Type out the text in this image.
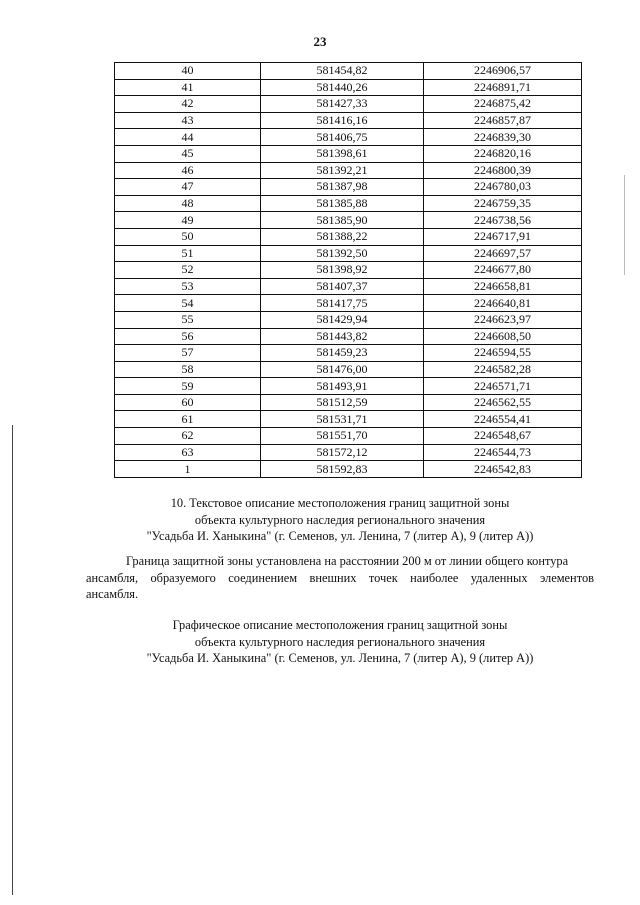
23
40	581454,82	2246906,57
41	581440,26	2246891,71
42	581427,33	2246875,42
43	581416,16	2246857,87
44	581406,75	2246839,30
45	581398,61	2246820,16
46	581392,21	2246800,39
47	581387,98	2246780,03
48	581385,88	2246759,35
49	581385,90	2246738,56
50	581388,22	2246717,91
51	581392,50	2246697,57
52	581398,92	2246677,80
53	581407,37	2246658,81
54	581417,75	2246640,81
55	581429,94	2246623,97
56	581443,82	2246608,50
57	581459,23	2246594,55
58	581476,00	2246582,28
59	581493,91	2246571,71
60	581512,59	2246562,55
61	581531,71	2246554,41
62	581551,70	2246548,67
63	581572,12	2246544,73
1	581592,83	2246542,83
10. Текстовое описание местоположения границ защитной зоны
объекта культурного наследия регионального значения
"Усадьба И. Ханыкина" (г. Семенов, ул. Ленина, 7 (литер А), 9 (литер А))
Граница защитной зоны установлена на расстоянии 200 м от линии общего контура
ансамбля, образуемого соединением внешних точек наиболее удаленных элементов
ансамбля.
Графическое описание местоположения границ защитной зоны
объекта культурного наследия регионального значения
"Усадьба И. Ханыкина" (г. Семенов, ул. Ленина, 7 (литер А), 9 (литер А))
